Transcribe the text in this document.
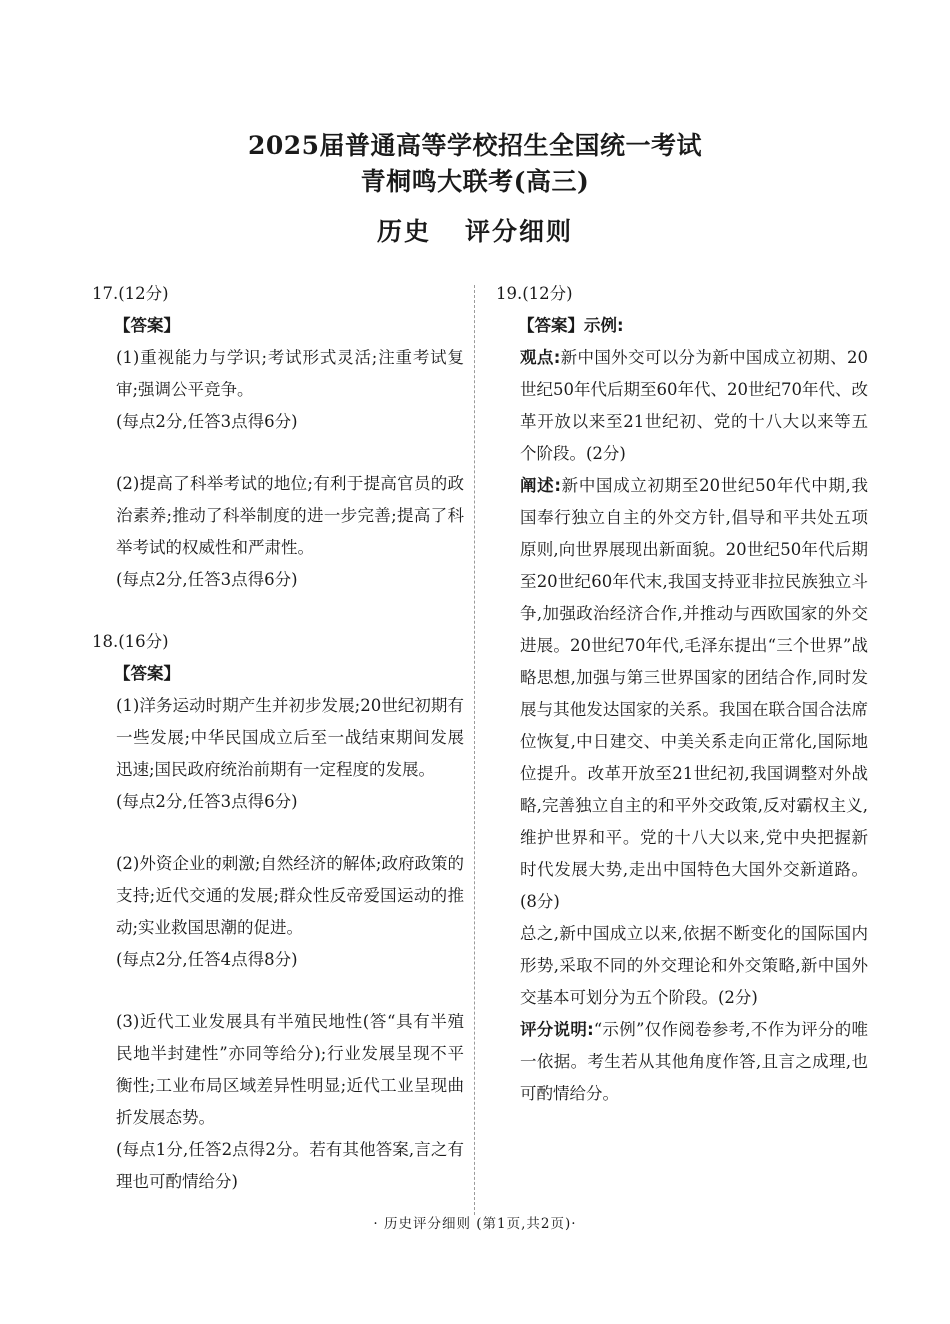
2025届普通高等学校招生全国统一考试
青桐鸣大联考(高三)
历史 评分细则
17.(12分)
【答案】
(1)重视能力与学识;考试形式灵活;注重考试复审;强调公平竞争。
(每点2分,任答3点得6分)
(2)提高了科举考试的地位;有利于提高官员的政治素养;推动了科举制度的进一步完善;提高了科举考试的权威性和严肃性。
(每点2分,任答3点得6分)
18.(16分)
【答案】
(1)洋务运动时期产生并初步发展;20世纪初期有一些发展;中华民国成立后至一战结束期间发展迅速;国民政府统治前期有一定程度的发展。
(每点2分,任答3点得6分)
(2)外资企业的刺激;自然经济的解体;政府政策的支持;近代交通的发展;群众性反帝爱国运动的推动;实业救国思潮的促进。
(每点2分,任答4点得8分)
(3)近代工业发展具有半殖民地性(答“具有半殖民地半封建性”亦同等给分);行业发展呈现不平衡性;工业布局区域差异性明显;近代工业呈现曲折发展态势。
(每点1分,任答2点得2分。若有其他答案,言之有理也可酌情给分)
19.(12分)
【答案】示例:
观点:新中国外交可以分为新中国成立初期、20世纪50年代后期至60年代、20世纪70年代、改革开放以来至21世纪初、党的十八大以来等五个阶段。(2分)
阐述:新中国成立初期至20世纪50年代中期,我国奉行独立自主的外交方针,倡导和平共处五项原则,向世界展现出新面貌。20世纪50年代后期至20世纪60年代末,我国支持亚非拉民族独立斗争,加强政治经济合作,并推动与西欧国家的外交进展。20世纪70年代,毛泽东提出“三个世界”战略思想,加强与第三世界国家的团结合作,同时发展与其他发达国家的关系。我国在联合国合法席位恢复,中日建交、中美关系走向正常化,国际地位提升。改革开放至21世纪初,我国调整对外战略,完善独立自主的和平外交政策,反对霸权主义,维护世界和平。党的十八大以来,党中央把握新时代发展大势,走出中国特色大国外交新道路。(8分)
总之,新中国成立以来,依据不断变化的国际国内形势,采取不同的外交理论和外交策略,新中国外交基本可划分为五个阶段。(2分)
评分说明:“示例”仅作阅卷参考,不作为评分的唯一依据。考生若从其他角度作答,且言之成理,也可酌情给分。
· 历史评分细则 (第1页,共2页)·
